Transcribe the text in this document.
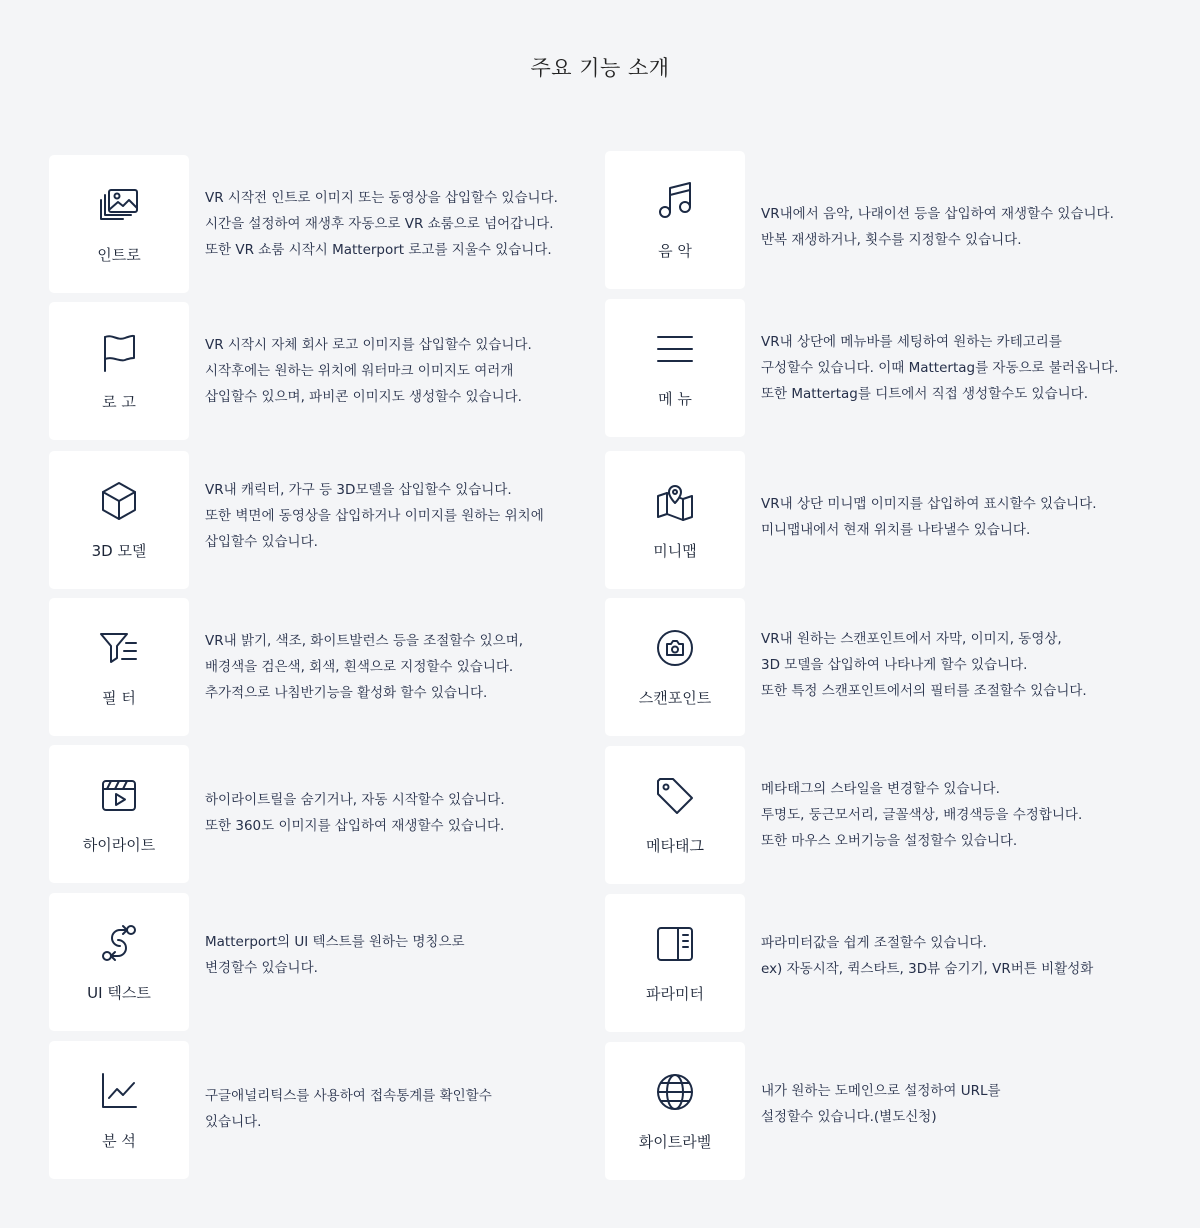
주요 기능 소개
인트로
VR 시작전 인트로 이미지 또는 동영상을 삽입할수 있습니다.
시간을 설정하여 재생후 자동으로 VR 쇼룸으로 넘어갑니다.
또한 VR 쇼룸 시작시 Matterport 로고를 지울수 있습니다.	음 악
VR내에서 음악, 나래이션 등을 삽입하여 재생할수 있습니다.
반복 재생하거나, 횟수를 지정할수 있습니다.
로 고
VR 시작시 자체 회사 로고 이미지를 삽입할수 있습니다.
시작후에는 원하는 위치에 워터마크 이미지도 여러개
삽입할수 있으며, 파비콘 이미지도 생성할수 있습니다.	메 뉴
VR내 상단에 메뉴바를 세팅하여 원하는 카테고리를
구성할수 있습니다. 이때 Mattertag를 자동으로 불러옵니다.
또한 Mattertag를 디트에서 직접 생성할수도 있습니다.
3D 모델
VR내 캐릭터, 가구 등 3D모델을 삽입할수 있습니다.
또한 벽면에 동영상을 삽입하거나 이미지를 원하는 위치에
삽입할수 있습니다.	미니맵
VR내 상단 미니맵 이미지를 삽입하여 표시할수 있습니다.
미니맵내에서 현재 위치를 나타낼수 있습니다.
필 터
VR내 밝기, 색조, 화이트발런스 등을 조절할수 있으며,
배경색을 검은색, 회색, 흰색으로 지정할수 있습니다.
추가적으로 나침반기능을 활성화 할수 있습니다.	스캔포인트
VR내 원하는 스캔포인트에서 자막, 이미지, 동영상,
3D 모델을 삽입하여 나타나게 할수 있습니다.
또한 특정 스캔포인트에서의 필터를 조절할수 있습니다.
하이라이트
하이라이트릴을 숨기거나, 자동 시작할수 있습니다.
또한 360도 이미지를 삽입하여 재생할수 있습니다.
메타태그
메타태그의 스타일을 변경할수 있습니다.
투명도, 둥근모서리, 글꼴색상, 배경색등을 수정합니다.
또한 마우스 오버기능을 설정할수 있습니다.
UI 텍스트
Matterport의 UI 텍스트를 원하는 명칭으로
변경할수 있습니다.
파라미터
파라미터값을 쉽게 조절할수 있습니다.
ex) 자동시작, 퀵스타트, 3D뷰 숨기기, VR버튼 비활성화
분 석
구글애널리틱스를 사용하여 접속통계를 확인할수
있습니다.
화이트라벨
내가 원하는 도메인으로 설정하여 URL를
설정할수 있습니다.(별도신청)
